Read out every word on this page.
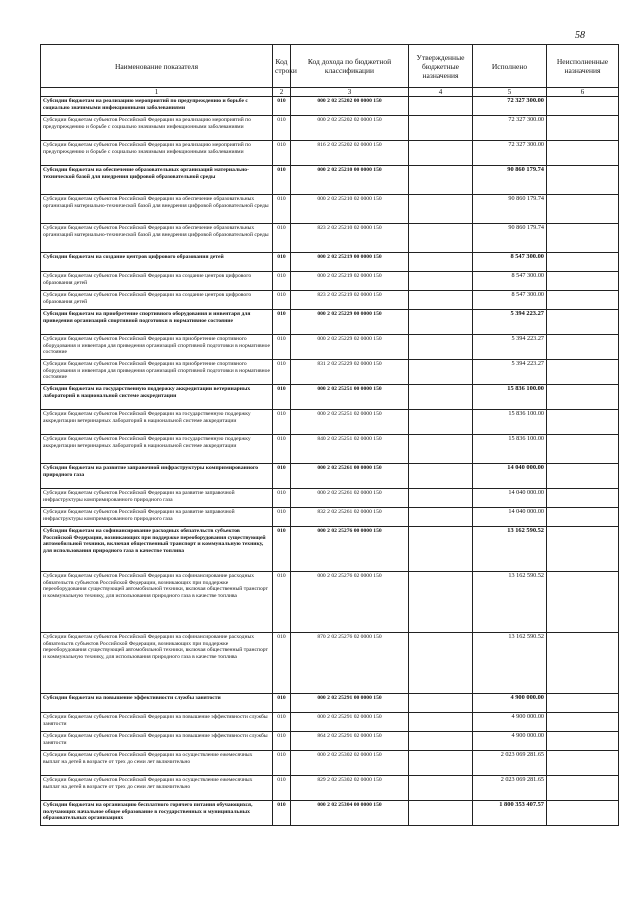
58
Наименование показателя	Код строки	Код дохода по бюджетной классификации	Утвержденные бюджетные назначения	Исполнено	Неисполненные назначения
1	2	3	4	5	6
Субсидии бюджетам на реализацию мероприятий по предупреждению и борьбе с социально значимыми инфекционными заболеваниями	010	000 2 02 25202 00 0000 150		72 327 300.00	
Субсидии бюджетам субъектов Российской Федерации на реализацию мероприятий по предупреждению и борьбе с социально значимыми инфекционными заболеваниями	010	000 2 02 25202 02 0000 150		72 327 300.00	
Субсидии бюджетам субъектов Российской Федерации на реализацию мероприятий по предупреждению и борьбе с социально значимыми инфекционными заболеваниями	010	816 2 02 25202 02 0000 150		72 327 300.00	
Субсидии бюджетам на обеспечение образовательных организаций материально-технической базой для внедрения цифровой образовательной среды	010	000 2 02 25210 00 0000 150		90 860 179.74	
Субсидии бюджетам субъектов Российской Федерации на обеспечение образовательных организаций материально-технической базой для внедрения цифровой образовательной среды	010	000 2 02 25210 02 0000 150		90 860 179.74	
Субсидии бюджетам субъектов Российской Федерации на обеспечение образовательных организаций материально-технической базой для внедрения цифровой образовательной среды	010	823 2 02 25210 02 0000 150		90 860 179.74	
Субсидии бюджетам на создание центров цифрового образования детей	010	000 2 02 25219 00 0000 150		8 547 300.00	
Субсидии бюджетам субъектов Российской Федерации на создание центров цифрового образования детей	010	000 2 02 25219 02 0000 150		8 547 300.00	
Субсидии бюджетам субъектов Российской Федерации на создание центров цифрового образования детей	010	823 2 02 25219 02 0000 150		8 547 300.00	
Субсидии бюджетам на приобретение спортивного оборудования и инвентаря для приведения организаций спортивной подготовки в нормативное состояние	010	000 2 02 25229 00 0000 150		5 394 223.27	
Субсидии бюджетам субъектов Российской Федерации на приобретение спортивного оборудования и инвентаря для приведения организаций спортивной подготовки в нормативное состояние	010	000 2 02 25229 02 0000 150		5 394 223.27	
Субсидии бюджетам субъектов Российской Федерации на приобретение спортивного оборудования и инвентаря для приведения организаций спортивной подготовки в нормативное состояние	010	831 2 02 25229 02 0000 150		5 394 223.27	
Субсидии бюджетам на государственную поддержку аккредитации ветеринарных лабораторий в национальной системе аккредитации	010	000 2 02 25251 00 0000 150		15 836 100.00	
Субсидии бюджетам субъектов Российской Федерации на государственную поддержку аккредитации ветеринарных лабораторий в национальной системе аккредитации	010	000 2 02 25251 02 0000 150		15 836 100.00	
Субсидии бюджетам субъектов Российской Федерации на государственную поддержку аккредитации ветеринарных лабораторий в национальной системе аккредитации	010	840 2 02 25251 02 0000 150		15 836 100.00	
Субсидии бюджетам на развитие заправочной инфраструктуры компримированного природного газа	010	000 2 02 25261 00 0000 150		14 040 000.00	
Субсидии бюджетам субъектов Российской Федерации на развитие заправочной инфраструктуры компримированного природного газа	010	000 2 02 25261 02 0000 150		14 040 000.00	
Субсидии бюджетам субъектов Российской Федерации на развитие заправочной инфраструктуры компримированного природного газа	010	832 2 02 25261 02 0000 150		14 040 000.00	
Субсидии бюджетам на софинансирование расходных обязательств субъектов Российской Федерации, возникающих при поддержке переоборудования существующей автомобильной техники, включая общественный транспорт и коммунальную технику, для использования природного газа в качестве топлива	010	000 2 02 25276 00 0000 150		13 162 590.52	
Субсидии бюджетам субъектов Российской Федерации на софинансирование расходных обязательств субъектов Российской Федерации, возникающих при поддержке переоборудования существующей автомобильной техники, включая общественный транспорт и коммунальную технику, для использования природного газа в качестве топлива	010	000 2 02 25276 02 0000 150		13 162 590.52	
Субсидии бюджетам субъектов Российской Федерации на софинансирование расходных обязательств субъектов Российской Федерации, возникающих при поддержке переоборудования существующей автомобильной техники, включая общественный транспорт и коммунальную технику, для использования природного газа в качестве топлива	010	870 2 02 25276 02 0000 150		13 162 590.52	
Субсидии бюджетам на повышение эффективности службы занятости	010	000 2 02 25291 00 0000 150		4 900 000.00	
Субсидии бюджетам субъектов Российской Федерации на повышение эффективности службы занятости	010	000 2 02 25291 02 0000 150		4 900 000.00	
Субсидии бюджетам субъектов Российской Федерации на повышение эффективности службы занятости	010	864 2 02 25291 02 0000 150		4 900 000.00	
Субсидии бюджетам субъектов Российской Федерации на осуществление ежемесячных выплат на детей в возрасте от трех до семи лет включительно	010	000 2 02 25302 02 0000 150		2 023 069 281.65	
Субсидии бюджетам субъектов Российской Федерации на осуществление ежемесячных выплат на детей в возрасте от трех до семи лет включительно	010	829 2 02 25302 02 0000 150		2 023 069 281.65	
Субсидии бюджетам на организацию бесплатного горячего питания обучающихся, получающих начальное общее образование в государственных и муниципальных образовательных организациях	010	000 2 02 25304 00 0000 150		1 800 353 407.57	
